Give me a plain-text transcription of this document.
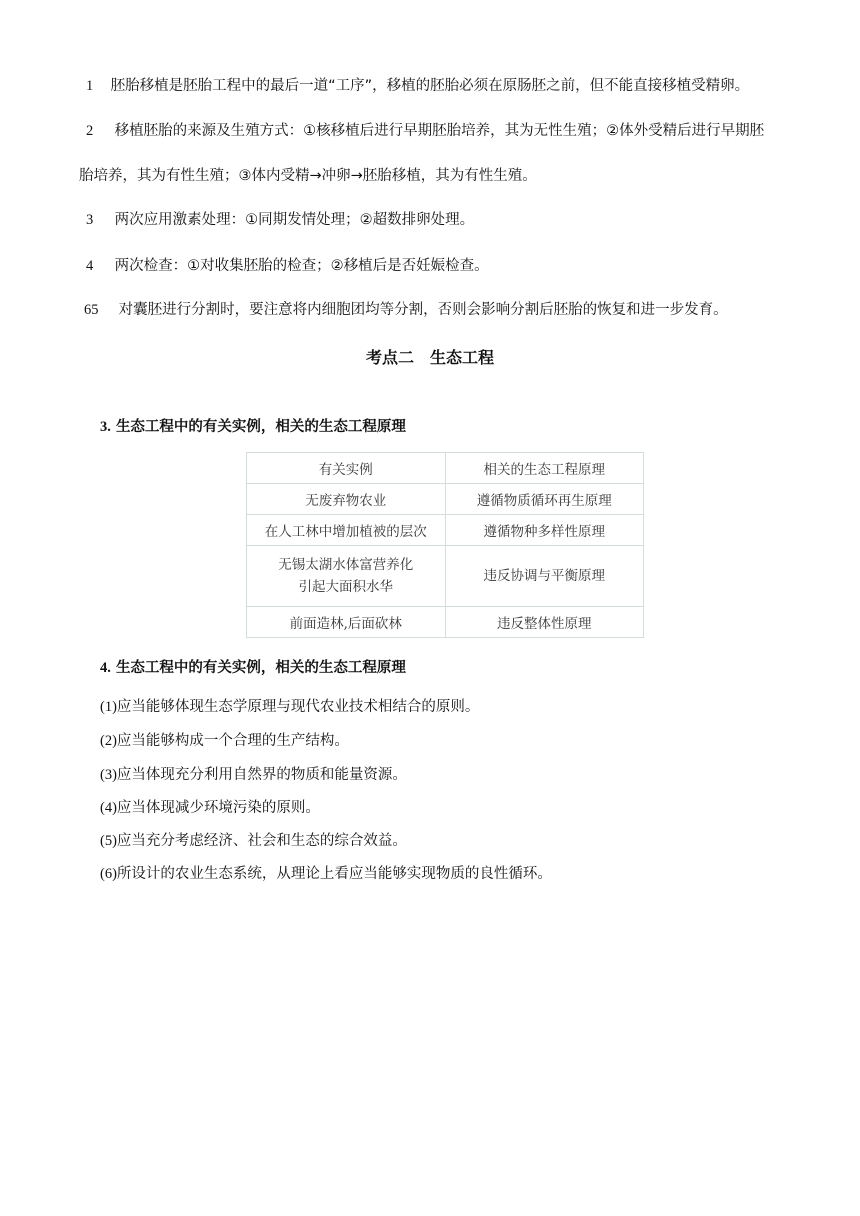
1 胚胎移植是胚胎工程中的最后一道“工序”，移植的胚胎必须在原肠胚之前，但不能直接移植受精卵。
2 移植胚胎的来源及生殖方式：①核移植后进行早期胚胎培养，其为无性生殖；②体外受精后进行早期胚
胎培养，其为有性生殖；③体内受精→冲卵→胚胎移植，其为有性生殖。
3 两次应用激素处理：①同期发情处理；②超数排卵处理。
4 两次检查：①对收集胚胎的检查；②移植后是否妊娠检查。
65 对囊胚进行分割时，要注意将内细胞团均等分割，否则会影响分割后胚胎的恢复和进一步发育。
考点二　生态工程
3. 生态工程中的有关实例，相关的生态工程原理
有关实例	相关的生态工程原理
无废弃物农业	遵循物质循环再生原理
在人工林中增加植被的层次	遵循物种多样性原理

无锡太湖水体富营养化
引起大面积水华	违反协调与平衡原理
前面造林,后面砍林	违反整体性原理
4. 生态工程中的有关实例，相关的生态工程原理
(1)应当能够体现生态学原理与现代农业技术相结合的原则。
(2)应当能够构成一个合理的生产结构。
(3)应当体现充分利用自然界的物质和能量资源。
(4)应当体现减少环境污染的原则。
(5)应当充分考虑经济、社会和生态的综合效益。
(6)所设计的农业生态系统，从理论上看应当能够实现物质的良性循环。
